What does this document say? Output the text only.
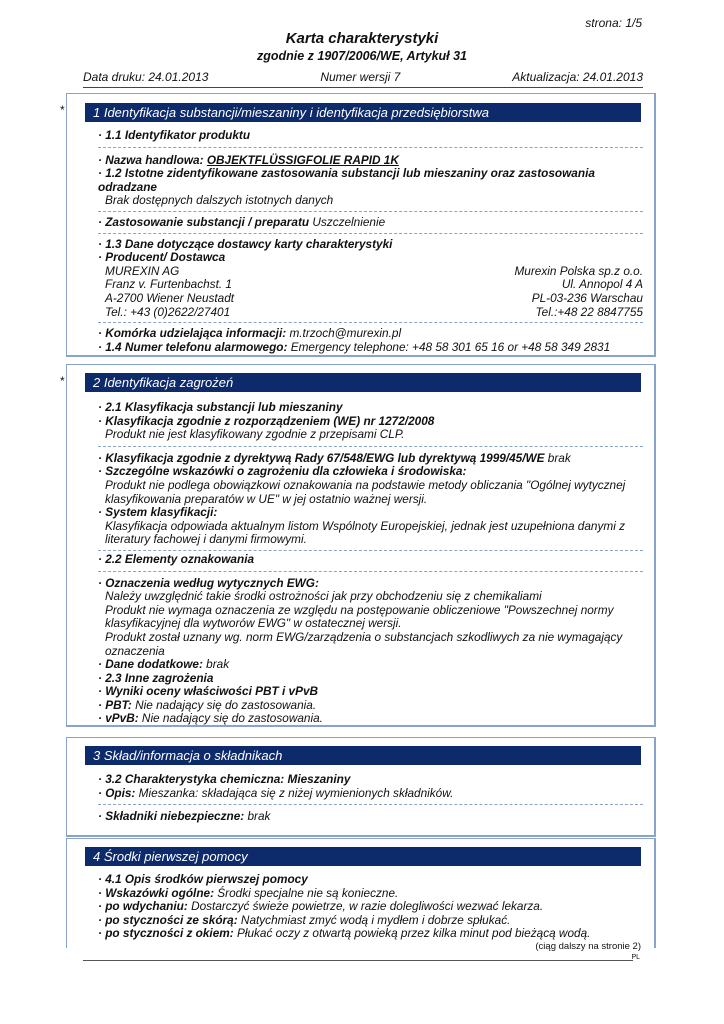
strona: 1/5
Karta charakterystyki
zgodnie z 1907/2006/WE, Artykuł 31
Data druku: 24.01.2013	Numer wersji 7	Aktualizacja: 24.01.2013
*	1 Identyfikacja substancji/mieszaniny i identyfikacja przedsiębiorstwa
· 1.1 Identyfikator produktu
· Nazwa handlowa: OBJEKTFLÜSSIGFOLIE RAPID 1K
· 1.2 Istotne zidentyfikowane zastosowania substancji lub mieszaniny oraz zastosowania odradzane
Brak dostępnych dalszych istotnych danych
· Zastosowanie substancji / preparatu Uszczelnienie
· 1.3 Dane dotyczące dostawcy karty charakterystyki
· Producent/ Dostawca
MUREXIN AG	Murexin Polska sp.z o.o.
Franz v. Furtenbachst. 1	Ul. Annopol 4 A
A-2700 Wiener Neustadt	PL-03-236 Warschau
Tel.: +43 (0)2622/27401	Tel.:+48 22 8847755
· Komórka udzielająca informacji: m.trzoch@murexin.pl
· 1.4 Numer telefonu alarmowego: Emergency telephone: +48 58 301 65 16 or +48 58 349 2831
*	2 Identyfikacja zagrożeń
· 2.1 Klasyfikacja substancji lub mieszaniny
· Klasyfikacja zgodnie z rozporządzeniem (WE) nr 1272/2008
Produkt nie jest klasyfikowany zgodnie z przepisami CLP.
· Klasyfikacja zgodnie z dyrektywą Rady 67/548/EWG lub dyrektywą 1999/45/WE brak
· Szczególne wskazówki o zagrożeniu dla człowieka i środowiska:
Produkt nie podlega obowiązkowi oznakowania na podstawie metody obliczania "Ogólnej wytycznej klasyfikowania preparatów w UE" w jej ostatnio ważnej wersji.
· System klasyfikacji:
Klasyfikacja odpowiada aktualnym listom Wspólnoty Europejskiej, jednak jest uzupełniona danymi z literatury fachowej i danymi firmowymi.
· 2.2 Elementy oznakowania
· Oznaczenia według wytycznych EWG:
Należy uwzględnić takie środki ostrożności jak przy obchodzeniu się z chemikaliami
Produkt nie wymaga oznaczenia ze względu na postępowanie obliczeniowe "Powszechnej normy klasyfikacyjnej dla wytworów EWG" w ostatecznej wersji.
Produkt został uznany wg. norm EWG/zarządzenia o substancjach szkodliwych za nie wymagający oznaczenia
· Dane dodatkowe: brak
· 2.3 Inne zagrożenia
· Wyniki oceny właściwości PBT i vPvB
· PBT: Nie nadający się do zastosowania.
· vPvB: Nie nadający się do zastosowania.
3 Skład/informacja o składnikach
· 3.2 Charakterystyka chemiczna: Mieszaniny
· Opis: Mieszanka: składająca się z niżej wymienionych składników.
· Składniki niebezpieczne: brak
4 Środki pierwszej pomocy
· 4.1 Opis środków pierwszej pomocy
· Wskazówki ogólne: Środki specjalne nie są konieczne.
· po wdychaniu: Dostarczyć świeże powietrze, w razie dolegliwości wezwać lekarza.
· po styczności ze skórą: Natychmiast zmyć wodą i mydłem i dobrze spłukać.
· po styczności z okiem: Płukać oczy z otwartą powieką przez kilka minut pod bieżącą wodą.
(ciąg dalszy na stronie 2)
PL
